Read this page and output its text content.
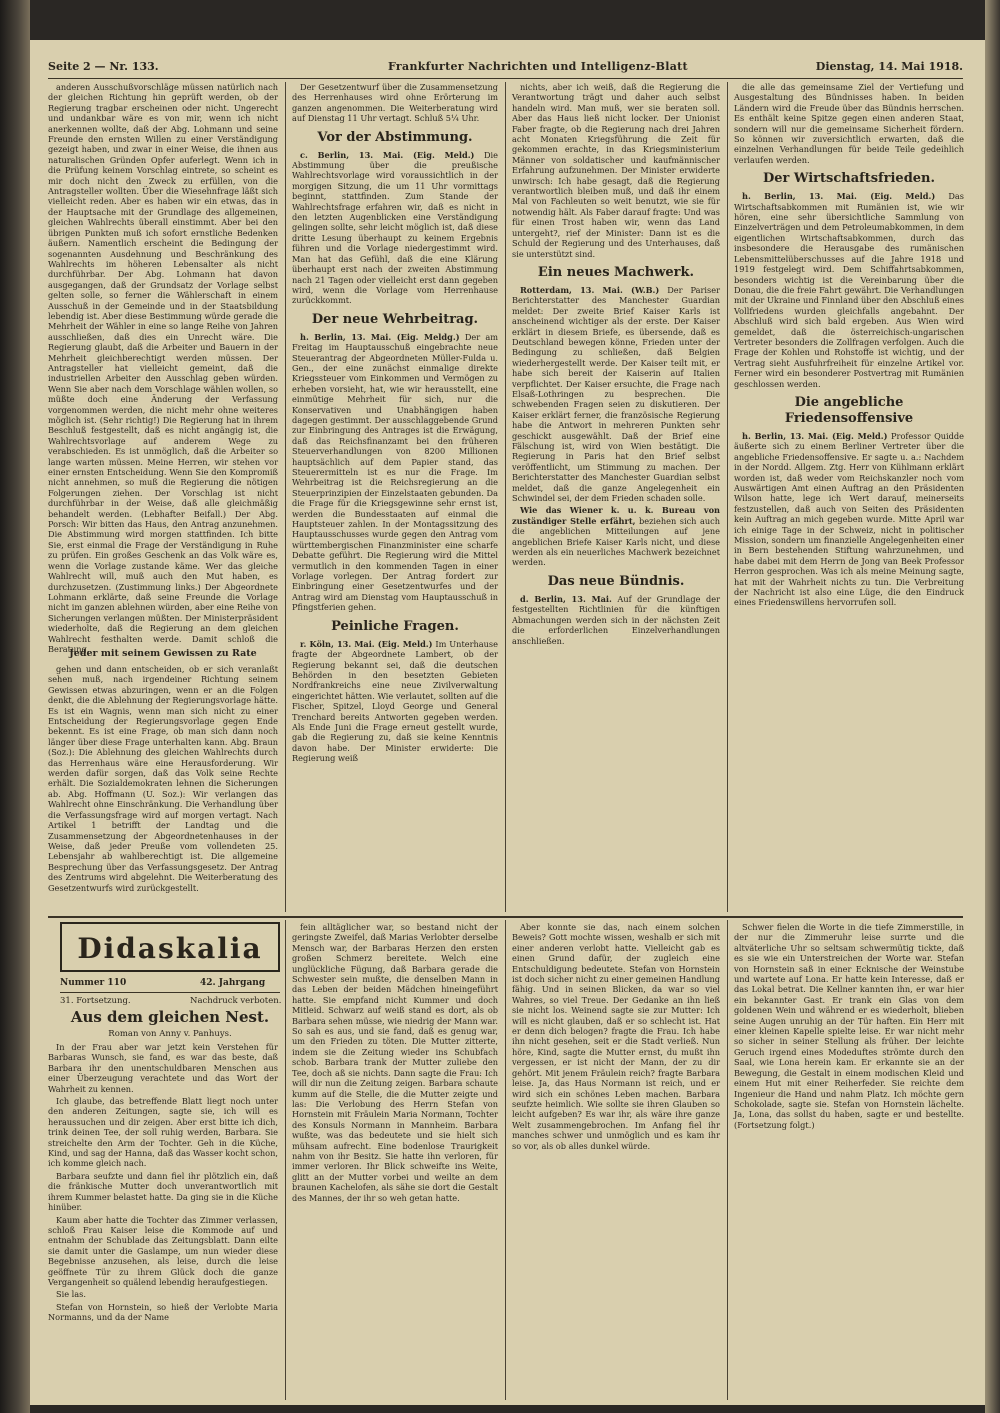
Seite 2 — Nr. 133.	Frankfurter Nachrichten und Intelligenz-Blatt	Dienstag, 14. Mai 1918.

anderen Ausschußvorschläge müssen natürlich nach der gleichen Richtung hin geprüft werden, ob der Regierung tragbar erscheinen oder nicht. Ungerecht und undankbar wäre es von mir, wenn ich nicht anerkennen wollte, daß der Abg. Lohmann und seine Freunde den ernsten Willen zu einer Verständigung gezeigt haben, und zwar in einer Weise, die ihnen aus naturalischen Gründen Opfer auferlegt. Wenn ich in die Prüfung keinem Vorschlag eintrete, so scheint es mir doch nicht den Zweck zu erfüllen, von die Antragsteller wollten. Über die Wiesehnfrage läßt sich vielleicht reden. Aber es haben wir ein etwas, das in der Hauptsache mit der Grundlage des allgemeinen, gleichen Wahlrechts überall einstimmt. Aber bei den übrigen Punkten muß ich sofort ernstliche Bedenken äußern. Namentlich erscheint die Bedingung der sogenannten Ausdehnung und Beschränkung des Wahlrechts im höheren Lebensalter als nicht durchführbar. Der Abg. Lohmann hat davon ausgegangen, daß der Grundsatz der Vorlage selbst gelten solle, so ferner die Wählerschaft in einem Ausschuß in der Gemeinde und in der Staatsbildung lebendig ist. Aber diese Bestimmung würde gerade die Mehrheit der Wähler in eine so lange Reihe von Jahren ausschließen, daß dies ein Unrecht wäre. Die Regierung glaubt, daß die Arbeiter und Bauern in der Mehrheit gleichberechtigt werden müssen. Der Antragsteller hat vielleicht gemeint, daß die industriellen Arbeiter den Ausschlag geben würden. Wenn Sie aber nach dem Vorschlage wählen wollen, so müßte doch eine Änderung der Verfassung vorgenommen werden, die nicht mehr ohne weiteres möglich ist. (Sehr richtig!) Die Regierung hat in ihrem Beschluß festgestellt, daß es nicht angängig ist, die Wahlrechtsvorlage auf anderem Wege zu verabschieden. Es ist unmöglich, daß die Arbeiter so lange warten müssen. Meine Herren, wir stehen vor einer ernsten Entscheidung. Wenn Sie den Kompromiß nicht annehmen, so muß die Regierung die nötigen Folgerungen ziehen. Der Vorschlag ist nicht durchführbar in der Weise, daß alle gleichmäßig behandelt werden. (Lebhafter Beifall.) Der Abg. Porsch: Wir bitten das Haus, den Antrag anzunehmen. Die Abstimmung wird morgen stattfinden. Ich bitte Sie, erst einmal die Frage der Verständigung in Ruhe zu prüfen. Ein großes Geschenk an das Volk wäre es, wenn die Vorlage zustande käme. Wer das gleiche Wahlrecht will, muß auch den Mut haben, es durchzusetzen. (Zustimmung links.) Der Abgeordnete Lohmann erklärte, daß seine Freunde die Vorlage nicht im ganzen ablehnen würden, aber eine Reihe von Sicherungen verlangen müßten. Der Ministerpräsident wiederholte, daß die Regierung an dem gleichen Wahlrecht festhalten werde. Damit schloß die Beratung.

Jeder mit seinem Gewissen zu Rate

gehen und dann entscheiden, ob er sich veranlaßt sehen muß, nach irgendeiner Richtung seinem Gewissen etwas abzuringen, wenn er an die Folgen denkt, die die Ablehnung der Regierungsvorlage hätte. Es ist ein Wagnis, wenn man sich nicht zu einer Entscheidung der Regierungsvorlage gegen Ende bekennt. Es ist eine Frage, ob man sich dann noch länger über diese Frage unterhalten kann. Abg. Braun (Soz.): Die Ablehnung des gleichen Wahlrechts durch das Herrenhaus wäre eine Herausforderung. Wir werden dafür sorgen, daß das Volk seine Rechte erhält. Die Sozialdemokraten lehnen die Sicherungen ab. Abg. Hoffmann (U. Soz.): Wir verlangen das Wahlrecht ohne Einschränkung. Die Verhandlung über die Verfassungsfrage wird auf morgen vertagt. Nach Artikel 1 betrifft der Landtag und die Zusammensetzung der Abgeordnetenhauses in der Weise, daß jeder Preuße vom vollendeten 25. Lebensjahr ab wahlberechtigt ist. Die allgemeine Besprechung über das Verfassungsgesetz. Der Antrag des Zentrums wird abgelehnt. Die Weiterberatung des Gesetzentwurfs wird zurückgestellt.

Der Gesetzentwurf über die Zusammensetzung des Herrenhauses wird ohne Erörterung im ganzen angenommen. Die Weiterberatung wird auf Dienstag 11 Uhr vertagt. Schluß 5¼ Uhr.

Vor der Abstimmung.

c. Berlin, 13. Mai. (Eig. Meld.) Die Abstimmung über die preußische Wahlrechtsvorlage wird voraussichtlich in der morgigen Sitzung, die um 11 Uhr vormittags beginnt, stattfinden. Zum Stande der Wahlrechtsfrage erfahren wir, daß es nicht in den letzten Augenblicken eine Verständigung gelingen sollte, sehr leicht möglich ist, daß diese dritte Lesung überhaupt zu keinem Ergebnis führen und die Vorlage niedergestimmt wird. Man hat das Gefühl, daß die eine Klärung überhaupt erst nach der zweiten Abstimmung nach 21 Tagen oder vielleicht erst dann gegeben wird, wenn die Vorlage vom Herrenhause zurückkommt.

Der neue Wehrbeitrag.

h. Berlin, 13. Mai. (Eig. Meldg.) Der am Freitag im Hauptausschuß eingebrachte neue Steuerantrag der Abgeordneten Müller-Fulda u. Gen., der eine zunächst einmalige direkte Kriegssteuer vom Einkommen und Vermögen zu erheben vorsieht, hat, wie wir herausstellt, eine einmütige Mehrheit für sich, nur die Konservativen und Unabhängigen haben dagegen gestimmt. Der ausschlaggebende Grund zur Einbringung des Antrages ist die Erwägung, daß das Reichsfinanzamt bei den früheren Steuerverhandlungen von 8200 Millionen hauptsächlich auf dem Papier stand, das Steuerermitteln ist es nur die Frage. Im Wehrbeitrag ist die Reichsregierung an die Steuerprinzipien der Einzelstaaten gebunden. Da die Frage für die Kriegsgewinne sehr ernst ist, werden die Bundesstaaten auf einmal die Hauptsteuer zahlen. In der Montagssitzung des Hauptausschusses wurde gegen den Antrag vom württembergischen Finanzminister eine scharfe Debatte geführt. Die Regierung wird die Mittel vermutlich in den kommenden Tagen in einer Vorlage vorlegen. Der Antrag fordert zur Einbringung einer Gesetzentwurfes und der Antrag wird am Dienstag vom Hauptausschuß in Pfingstferien gehen.

Peinliche Fragen.

r. Köln, 13. Mai. (Eig. Meld.) Im Unterhause fragte der Abgeordnete Lambert, ob der Regierung bekannt sei, daß die deutschen Behörden in den besetzten Gebieten Nordfrankreichs eine neue Zivilverwaltung eingerichtet hätten. Wie verlautet, sollten auf die Fischer, Spitzel, Lloyd George und General Trenchard bereits Antworten gegeben werden. Als Ende Juni die Frage erneut gestellt wurde, gab die Regierung zu, daß sie keine Kenntnis davon habe. Der Minister erwiderte: Die Regierung weiß

nichts, aber ich weiß, daß die Regierung die Verantwortung trägt und daher auch selbst handeln wird. Man muß, wer sie beraten soll. Aber das Haus ließ nicht locker. Der Unionist Faber fragte, ob die Regierung nach drei Jahren acht Monaten Kriegsführung die Zeit für gekommen erachte, in das Kriegsministerium Männer von soldatischer und kaufmännischer Erfahrung aufzunehmen. Der Minister erwiderte unwirsch: Ich habe gesagt, daß die Regierung verantwortlich bleiben muß, und daß ihr einem Mal von Fachleuten so weit benutzt, wie sie für notwendig hält. Als Faber darauf fragte: Und was für einen Trost haben wir, wenn das Land untergeht?, rief der Minister: Dann ist es die Schuld der Regierung und des Unterhauses, daß sie unterstützt sind.

Ein neues Machwerk.

Rotterdam, 13. Mai. (W.B.) Der Pariser Berichterstatter des Manchester Guardian meldet: Der zweite Brief Kaiser Karls ist anscheinend wichtiger als der erste. Der Kaiser erklärt in diesem Briefe, es übersende, daß es Deutschland bewegen könne, Frieden unter der Bedingung zu schließen, daß Belgien wiederhergestellt werde. Der Kaiser teilt mit, er habe sich bereit der Kaiserin auf Italien verpflichtet. Der Kaiser ersuchte, die Frage nach Elsaß-Lothringen zu besprechen. Die schwebenden Fragen seien zu diskutieren. Der Kaiser erklärt ferner, die französische Regierung habe die Antwort in mehreren Punkten sehr geschickt ausgewählt. Daß der Brief eine Fälschung ist, wird von Wien bestätigt. Die Regierung in Paris hat den Brief selbst veröffentlicht, um Stimmung zu machen. Der Berichterstatter des Manchester Guardian selbst meldet, daß die ganze Angelegenheit ein Schwindel sei, der dem Frieden schaden solle.

Wie das Wiener k. u. k. Bureau von zuständiger Stelle erfährt, beziehen sich auch die angeblichen Mitteilungen auf jene angeblichen Briefe Kaiser Karls nicht, und diese werden als ein neuerliches Machwerk bezeichnet werden.

Das neue Bündnis.

d. Berlin, 13. Mai. Auf der Grundlage der festgestellten Richtlinien für die künftigen Abmachungen werden sich in der nächsten Zeit die erforderlichen Einzelverhandlungen anschließen.

die alle das gemeinsame Ziel der Vertiefung und Ausgestaltung des Bündnisses haben. In beiden Ländern wird die Freude über das Bündnis herrschen. Es enthält keine Spitze gegen einen anderen Staat, sondern will nur die gemeinsame Sicherheit fördern. So können wir zuversichtlich erwarten, daß die einzelnen Verhandlungen für beide Teile gedeihlich verlaufen werden.

Der Wirtschaftsfrieden.

h. Berlin, 13. Mai. (Eig. Meld.) Das Wirtschaftsabkommen mit Rumänien ist, wie wir hören, eine sehr übersichtliche Sammlung von Einzelverträgen und dem Petroleumabkommen, in dem eigentlichen Wirtschaftsabkommen, durch das insbesondere die Herausgabe des rumänischen Lebensmittelüberschusses auf die Jahre 1918 und 1919 festgelegt wird. Dem Schiffahrtsabkommen, besonders wichtig ist die Vereinbarung über die Donau, die die freie Fahrt gewährt. Die Verhandlungen mit der Ukraine und Finnland über den Abschluß eines Vollfriedens wurden gleichfalls angebahnt. Der Abschluß wird sich bald ergeben. Aus Wien wird gemeldet, daß die österreichisch-ungarischen Vertreter besonders die Zollfragen verfolgen. Auch die Frage der Kohlen und Rohstoffe ist wichtig, und der Vertrag sieht Ausfuhrfreiheit für einzelne Artikel vor. Ferner wird ein besonderer Postvertrag mit Rumänien geschlossen werden.

Die angebliche Friedensoffensive

h. Berlin, 13. Mai. (Eig. Meld.) Professor Quidde äußerte sich zu einem Berliner Vertreter über die angebliche Friedensoffensive. Er sagte u. a.: Nachdem in der Nordd. Allgem. Ztg. Herr von Kühlmann erklärt worden ist, daß weder vom Reichskanzler noch vom Auswärtigen Amt einen Auftrag an den Präsidenten Wilson hatte, lege ich Wert darauf, meinerseits festzustellen, daß auch von Seiten des Präsidenten kein Auftrag an mich gegeben wurde. Mitte April war ich einige Tage in der Schweiz, nicht in politischer Mission, sondern um finanzielle Angelegenheiten einer in Bern bestehenden Stiftung wahrzunehmen, und habe dabei mit dem Herrn de Jong van Beek Professor Herron gesprochen. Was ich als meine Meinung sagte, hat mit der Wahrheit nichts zu tun. Die Verbreitung der Nachricht ist also eine Lüge, die den Eindruck eines Friedenswillens hervorrufen soll.

Didaskalia
Nummer 110	42. Jahrgang
31. Fortsetzung.	Nachdruck verboten.
Aus dem gleichen Nest.
Roman von Anny v. Panhuys.

In der Frau aber war jetzt kein Verstehen für Barbaras Wunsch, sie fand, es war das beste, daß Barbara ihr den unentschuldbaren Menschen aus einer Überzeugung verachtete und das Wort der Wahrheit zu kennen.

Ich glaube, das betreffende Blatt liegt noch unter den anderen Zeitungen, sagte sie, ich will es heraussuchen und dir zeigen. Aber erst bitte ich dich, trink deinen Tee, der soll ruhig werden, Barbara. Sie streichelte den Arm der Tochter. Geh in die Küche, Kind, und sag der Hanna, daß das Wasser kocht schon, ich komme gleich nach.

Barbara seufzte und dann fiel ihr plötzlich ein, daß die fränkische Mutter doch unverantwortlich mit ihrem Kummer belastet hatte. Da ging sie in die Küche hinüber.

Kaum aber hatte die Tochter das Zimmer verlassen, schloß Frau Kaiser leise die Kommode auf und entnahm der Schublade das Zeitungsblatt. Dann eilte sie damit unter die Gaslampe, um nun wieder diese Begebnisse anzusehen, als leise, durch die leise geöffnete Tür zu ihrem Glück doch die ganze Vergangenheit so quälend lebendig heraufgestiegen.

Sie las.

Stefan von Hornstein, so hieß der Verlobte Maria Normanns, und da der Name

fein alltäglicher war, so bestand nicht der geringste Zweifel, daß Marias Verlobter derselbe Mensch war, der Barbaras Herzen den ersten großen Schmerz bereitete. Welch eine unglückliche Fügung, daß Barbara gerade die Schwester sein mußte, die denselben Mann in das Leben der beiden Mädchen hineingeführt hatte. Sie empfand nicht Kummer und doch Mitleid. Schwarz auf weiß stand es dort, als ob Barbara sehen müsse, wie niedrig der Mann war. So sah es aus, und sie fand, daß es genug war, um den Frieden zu töten. Die Mutter zitterte, indem sie die Zeitung wieder ins Schubfach schob. Barbara trank der Mutter zuliebe den Tee, doch aß sie nichts. Dann sagte die Frau: Ich will dir nun die Zeitung zeigen. Barbara schaute kumm auf die Stelle, die die Mutter zeigte und las: Die Verlobung des Herrn Stefan von Hornstein mit Fräulein Maria Normann, Tochter des Konsuls Normann in Mannheim. Barbara wußte, was das bedeutete und sie hielt sich mühsam aufrecht. Eine bodenlose Traurigkeit nahm von ihr Besitz. Sie hatte ihn verloren, für immer verloren. Ihr Blick schweifte ins Weite, glitt an der Mutter vorbei und weilte an dem braunen Kachelofen, als sähe sie dort die Gestalt des Mannes, der ihr so weh getan hatte.

Aber konnte sie das, nach einem solchen Beweis? Gott mochte wissen, weshalb er sich mit einer anderen verlobt hatte. Vielleicht gab es einen Grund dafür, der zugleich eine Entschuldigung bedeutete. Stefan von Hornstein ist doch sicher nicht zu einer gemeinen Handlung fähig. Und in seinen Blicken, da war so viel Wahres, so viel Treue. Der Gedanke an ihn ließ sie nicht los. Weinend sagte sie zur Mutter: Ich will es nicht glauben, daß er so schlecht ist. Hat er denn dich belogen? fragte die Frau. Ich habe ihn nicht gesehen, seit er die Stadt verließ. Nun höre, Kind, sagte die Mutter ernst, du mußt ihn vergessen, er ist nicht der Mann, der zu dir gehört. Mit jenem Fräulein reich? fragte Barbara leise. Ja, das Haus Normann ist reich, und er wird sich ein schönes Leben machen. Barbara seufzte heimlich. Wie sollte sie ihren Glauben so leicht aufgeben? Es war ihr, als wäre ihre ganze Welt zusammengebrochen. Im Anfang fiel ihr manches schwer und unmöglich und es kam ihr so vor, als ob alles dunkel würde.

Schwer fielen die Worte in die tiefe Zimmerstille, in der nur die Zimmeruhr leise surrte und die altväterliche Uhr so seltsam schwermütig tickte, daß es sie wie ein Unterstreichen der Worte war. Stefan von Hornstein saß in einer Ecknische der Weinstube und wartete auf Lona. Er hatte kein Interesse, daß er das Lokal betrat. Die Kellner kannten ihn, er war hier ein bekannter Gast. Er trank ein Glas von dem goldenen Wein und während er es wiederholt, blieben seine Augen unruhig an der Tür haften. Ein Herr mit einer kleinen Kapelle spielte leise. Er war nicht mehr so sicher in seiner Stellung als früher. Der leichte Geruch irgend eines Modeduftes strömte durch den Saal, wie Lona herein kam. Er erkannte sie an der Bewegung, die Gestalt in einem modischen Kleid und einem Hut mit einer Reiherfeder. Sie reichte dem Ingenieur die Hand und nahm Platz. Ich möchte gern Schokolade, sagte sie. Stefan von Hornstein lächelte. Ja, Lona, das sollst du haben, sagte er und bestellte. (Fortsetzung folgt.)
